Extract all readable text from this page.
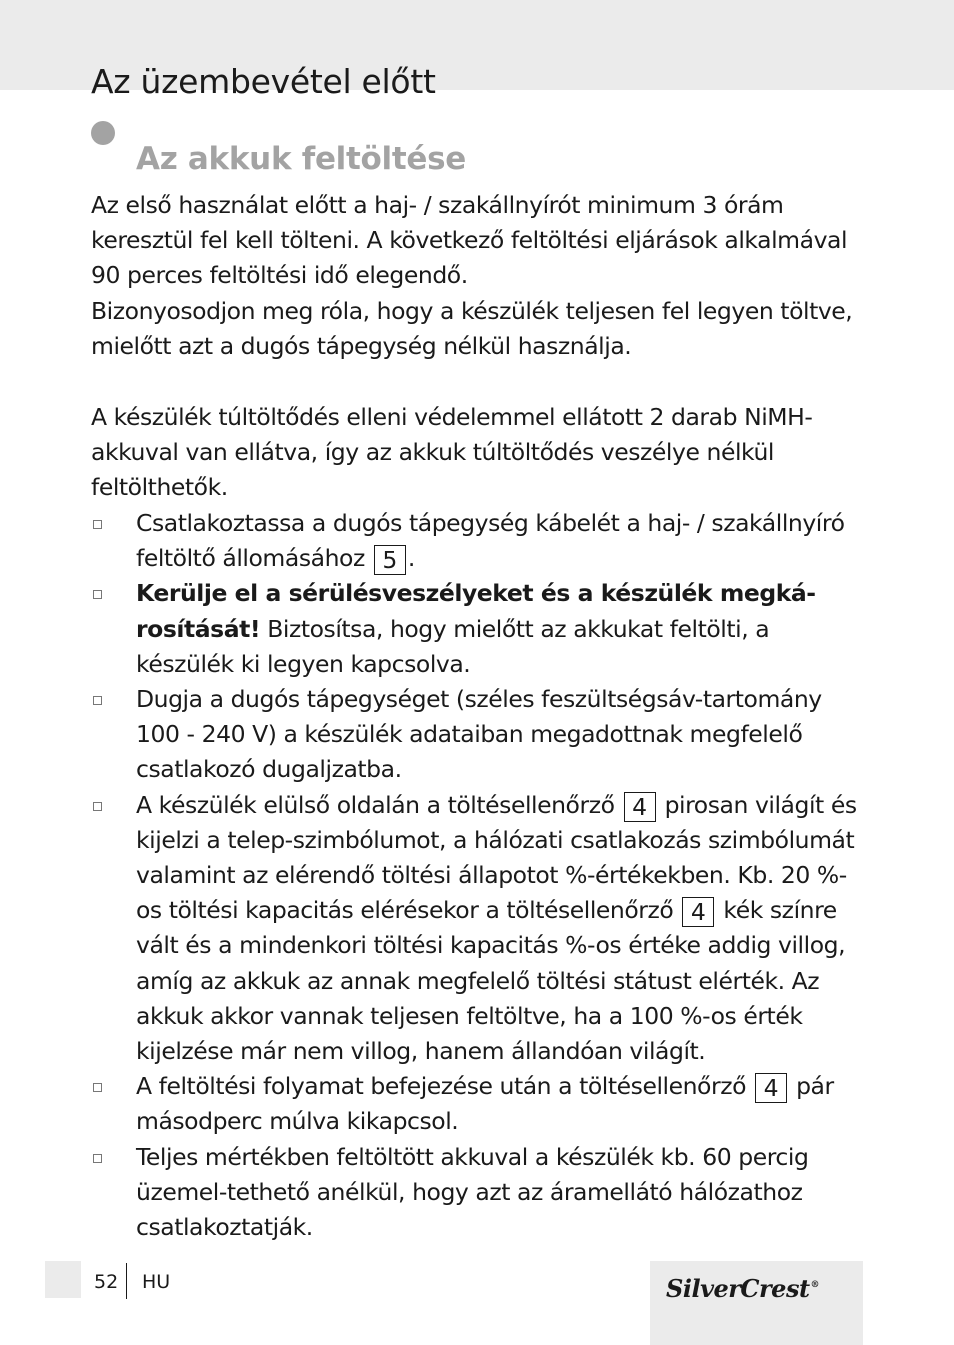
Az üzembevétel előtt
Az akkuk feltöltése

Az első használat előtt a haj- / szakállnyírót minimum 3 órám keresztül fel kell tölteni. A következő feltöltési eljárások alkalmával 90 perces feltöltési idő elegendő.

Bizonyosodjon meg róla, hogy a készülék teljesen fel legyen töltve, mielőtt azt a dugós tápegység nélkül használja.

A készülék túltöltődés elleni védelemmel ellátott 2 darab NiMH-akkuval van ellátva, így az akkuk túltöltődés veszélye nélkül feltölthetők.

Csatlakoztassa a dugós tápegység kábelét a haj- / szakállnyíró feltöltő állomásához 5 .
Kerülje el a sérülésveszélyeket és a készülék megká-rosítását! Biztosítsa, hogy mielőtt az akkukat feltölti, a készülék ki legyen kapcsolva.
Dugja a dugós tápegységet (széles feszültségsáv-tartomány 100 - 240 V) a készülék adataiban megadottnak megfelelő csatlakozó dugaljzatba.
A készülék elülső oldalán a töltésellenőrző 4 pirosan világít és kijelzi a telep-szimbólumot, a hálózati csatlakozás szimbólumát valamint az elérendő töltési állapotot %-értékekben. Kb. 20 %-os töltési kapacitás elérésekor a töltésellenőrző 4 kék színre vált és a mindenkori töltési kapacitás %-os értéke addig villog, amíg az akkuk az annak megfelelő töltési státust elérték. Az akkuk akkor vannak teljesen feltöltve, ha a 100 %-os érték kijelzése már nem villog, hanem állandóan világít.
A feltöltési folyamat befejezése után a töltésellenőrző 4 pár másodperc múlva kikapcsol.
Teljes mértékben feltöltött akkuval a készülék kb. 60 percig üzemel-tethető anélkül, hogy azt az áramellátó hálózathoz csatlakoztatják.
52 HU	SilverCrest®
